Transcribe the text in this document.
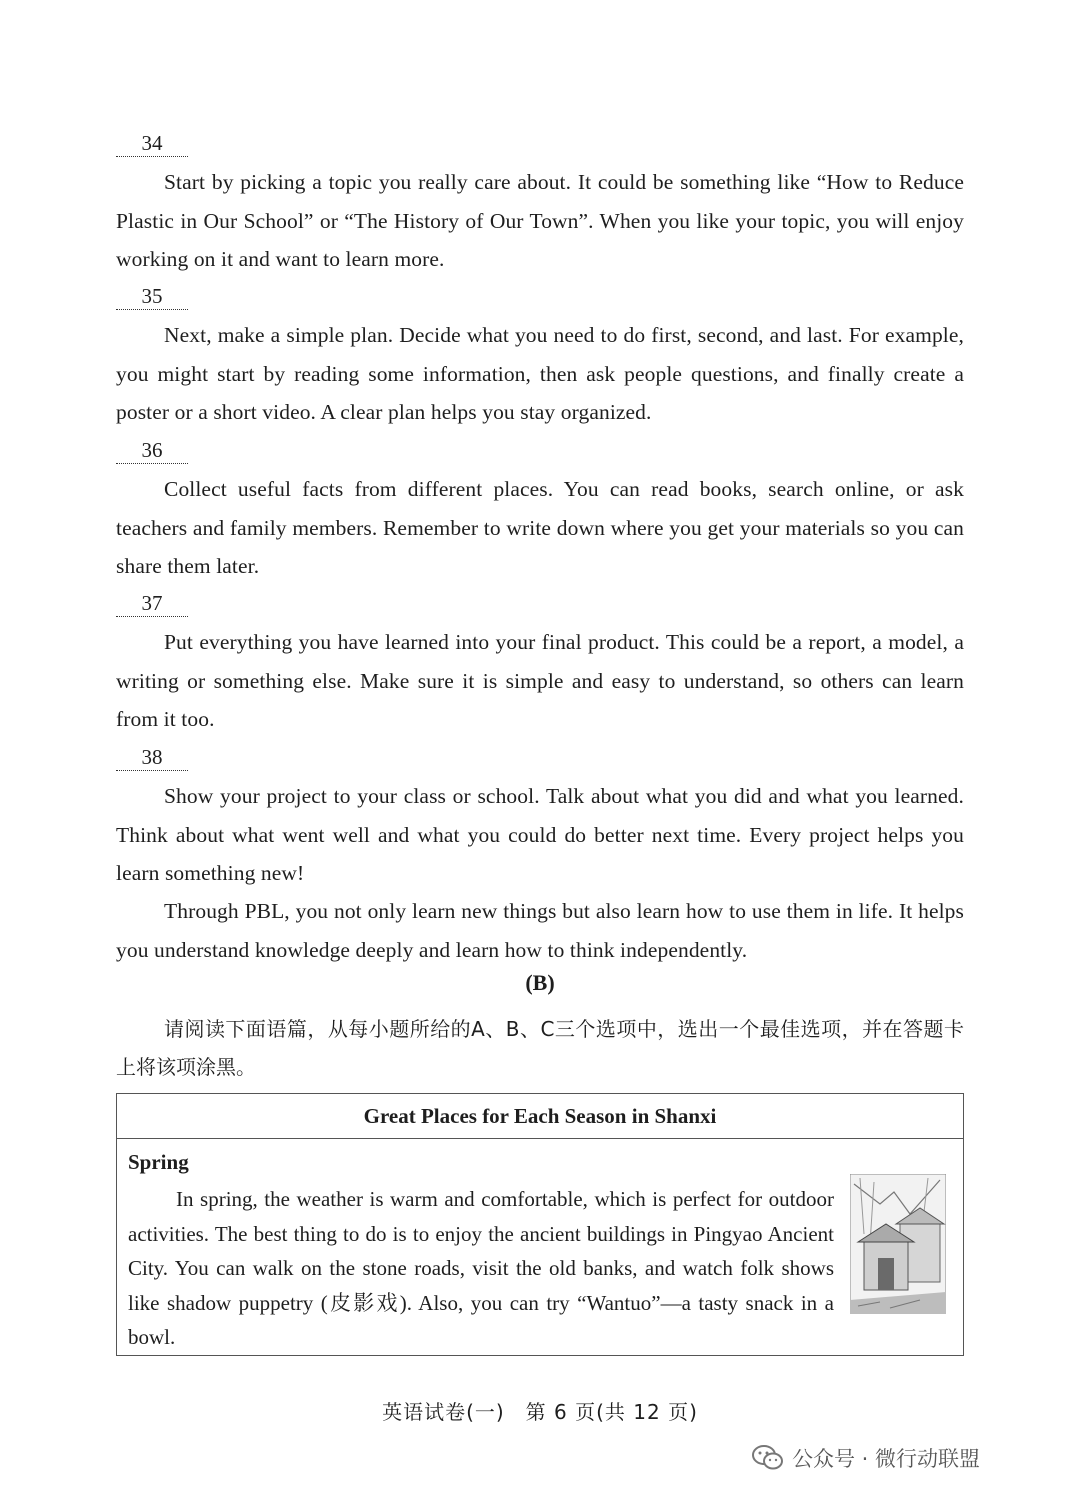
34

Start by picking a topic you really care about. It could be something like “How to Reduce Plastic in Our School” or “The History of Our Town”. When you like your topic, you will enjoy working on it and want to learn more.

35

Next, make a simple plan. Decide what you need to do first, second, and last. For example, you might start by reading some information, then ask people questions, and finally create a poster or a short video. A clear plan helps you stay organized.

36

Collect useful facts from different places. You can read books, search online, or ask teachers and family members. Remember to write down where you get your materials so you can share them later.

37

Put everything you have learned into your final product. This could be a report, a model, a writing or something else. Make sure it is simple and easy to understand, so others can learn from it too.

38

Show your project to your class or school. Talk about what you did and what you learned. Think about what went well and what you could do better next time. Every project helps you learn something new!

Through PBL, you not only learn new things but also learn how to use them in life. It helps you understand knowledge deeply and learn how to think independently.

(B)

请阅读下面语篇，从每小题所给的A、B、C三个选项中，选出一个最佳选项，并在答题卡上将该项涂黑。

Great Places for Each Season in Shanxi
Spring

In spring, the weather is warm and comfortable, which is perfect for outdoor activities. The best thing to do is to enjoy the ancient buildings in Pingyao Ancient City. You can walk on the stone roads, visit the old banks, and watch folk shows like shadow puppetry (皮影戏). Also, you can try “Wantuo”—a tasty snack in a bowl.

英语试卷(一)　第 6 页(共 12 页)
公众号 · 微行动联盟
